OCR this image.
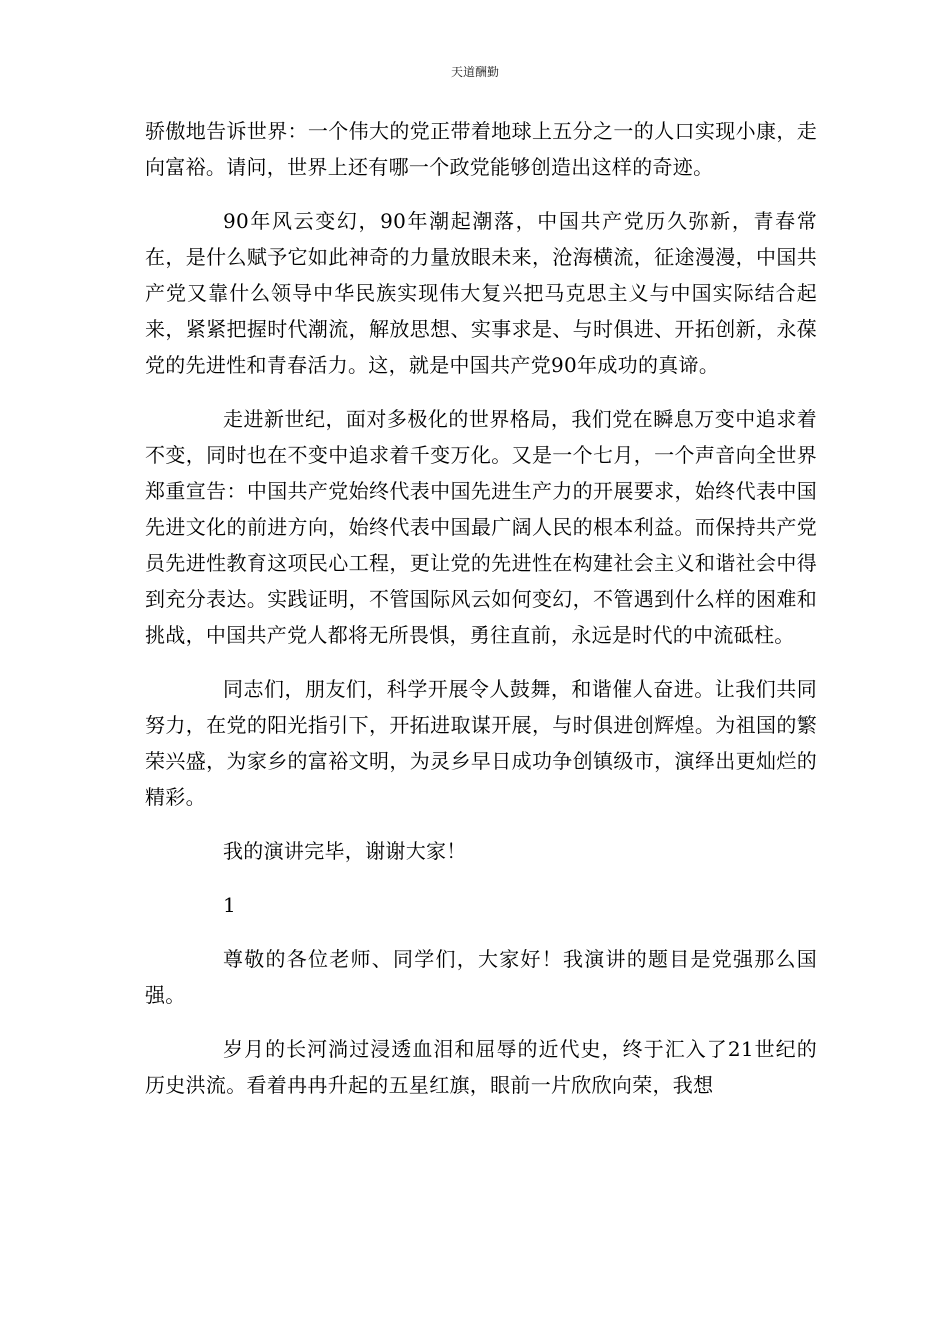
天道酬勤

骄傲地告诉世界：一个伟大的党正带着地球上五分之一的人口实现小康，走向富裕。请问，世界上还有哪一个政党能够创造出这样的奇迹。

90年风云变幻，90年潮起潮落，中国共产党历久弥新，青春常在，是什么赋予它如此神奇的力量放眼未来，沧海横流，征途漫漫，中国共产党又靠什么领导中华民族实现伟大复兴把马克思主义与中国实际结合起来，紧紧把握时代潮流，解放思想、实事求是、与时俱进、开拓创新，永葆党的先进性和青春活力。这，就是中国共产党90年成功的真谛。

走进新世纪，面对多极化的世界格局，我们党在瞬息万变中追求着不变，同时也在不变中追求着千变万化。又是一个七月，一个声音向全世界郑重宣告：中国共产党始终代表中国先进生产力的开展要求，始终代表中国先进文化的前进方向，始终代表中国最广阔人民的根本利益。而保持共产党员先进性教育这项民心工程，更让党的先进性在构建社会主义和谐社会中得到充分表达。实践证明，不管国际风云如何变幻，不管遇到什么样的困难和挑战，中国共产党人都将无所畏惧，勇往直前，永远是时代的中流砥柱。

同志们，朋友们，科学开展令人鼓舞，和谐催人奋进。让我们共同努力，在党的阳光指引下，开拓进取谋开展，与时俱进创辉煌。为祖国的繁荣兴盛，为家乡的富裕文明，为灵乡早日成功争创镇级市，演绎出更灿烂的精彩。

我的演讲完毕，谢谢大家！

1

尊敬的各位老师、同学们，大家好！我演讲的题目是党强那么国强。

岁月的长河淌过浸透血泪和屈辱的近代史，终于汇入了21世纪的历史洪流。看着冉冉升起的五星红旗，眼前一片欣欣向荣，我想
